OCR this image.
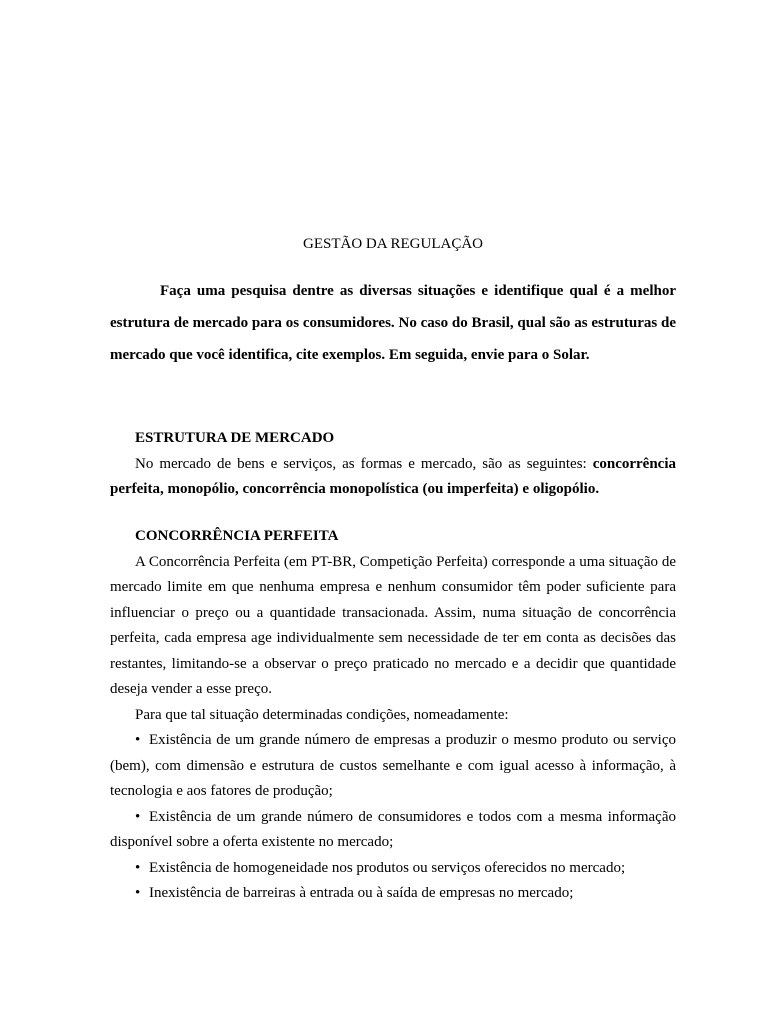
GESTÃO DA REGULAÇÃO

Faça uma pesquisa dentre as diversas situações e identifique qual é a melhor estrutura de mercado para os consumidores. No caso do Brasil, qual são as estruturas de mercado que você identifica, cite exemplos. Em seguida, envie para o Solar.

ESTRUTURA DE MERCADO

No mercado de bens e serviços, as formas e mercado, são as seguintes: concorrência perfeita, monopólio, concorrência monopolística (ou imperfeita) e oligopólio.

CONCORRÊNCIA PERFEITA

A Concorrência Perfeita (em PT-BR, Competição Perfeita) corresponde a uma situação de mercado limite em que nenhuma empresa e nenhum consumidor têm poder suficiente para influenciar o preço ou a quantidade transacionada. Assim, numa situação de concorrência perfeita, cada empresa age individualmente sem necessidade de ter em conta as decisões das restantes, limitando-se a observar o preço praticado no mercado e a decidir que quantidade deseja vender a esse preço.

Para que tal situação determinadas condições, nomeadamente:

• Existência de um grande número de empresas a produzir o mesmo produto ou serviço (bem), com dimensão e estrutura de custos semelhante e com igual acesso à informação, à tecnologia e aos fatores de produção;
• Existência de um grande número de consumidores e todos com a mesma informação disponível sobre a oferta existente no mercado;
• Existência de homogeneidade nos produtos ou serviços oferecidos no mercado;
• Inexistência de barreiras à entrada ou à saída de empresas no mercado;
